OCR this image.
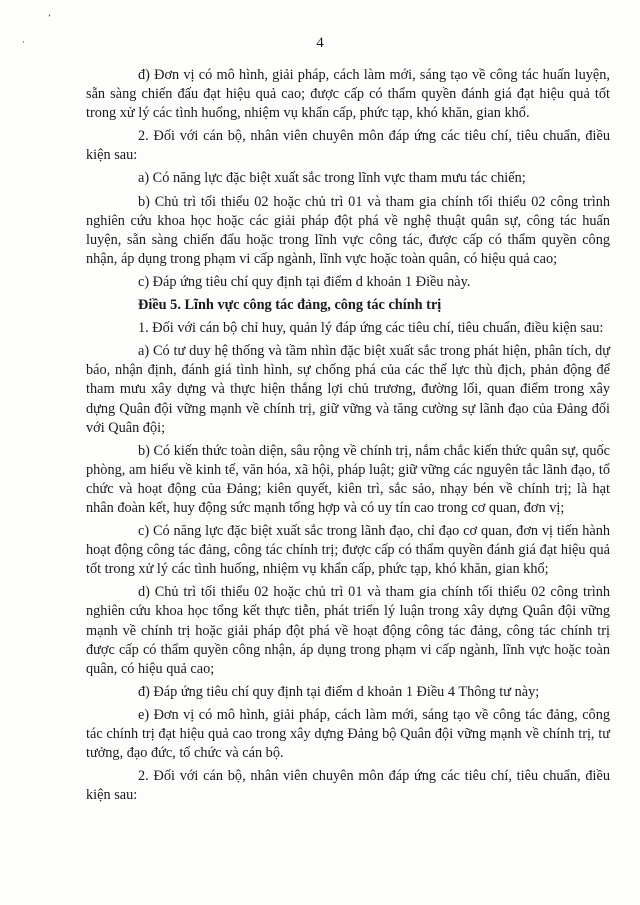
٬
·	4

đ) Đơn vị có mô hình, giải pháp, cách làm mới, sáng tạo về công tác huấn luyện, sẵn sàng chiến đấu đạt hiệu quả cao; được cấp có thẩm quyền đánh giá đạt hiệu quả tốt trong xử lý các tình huống, nhiệm vụ khẩn cấp, phức tạp, khó khăn, gian khổ.

2. Đối với cán bộ, nhân viên chuyên môn đáp ứng các tiêu chí, tiêu chuẩn, điều kiện sau:

a) Có năng lực đặc biệt xuất sắc trong lĩnh vực tham mưu tác chiến;

b) Chủ trì tối thiểu 02 hoặc chủ trì 01 và tham gia chính tối thiểu 02 công trình nghiên cứu khoa học hoặc các giải pháp đột phá về nghệ thuật quân sự, công tác huấn luyện, sẵn sàng chiến đấu hoặc trong lĩnh vực công tác, được cấp có thẩm quyền công nhận, áp dụng trong phạm vi cấp ngành, lĩnh vực hoặc toàn quân, có hiệu quả cao;

c) Đáp ứng tiêu chí quy định tại điểm d khoản 1 Điều này.

Điều 5. Lĩnh vực công tác đảng, công tác chính trị

1. Đối với cán bộ chỉ huy, quản lý đáp ứng các tiêu chí, tiêu chuẩn, điều kiện sau:

a) Có tư duy hệ thống và tầm nhìn đặc biệt xuất sắc trong phát hiện, phân tích, dự báo, nhận định, đánh giá tình hình, sự chống phá của các thế lực thù địch, phản động để tham mưu xây dựng và thực hiện thắng lợi chủ trương, đường lối, quan điểm trong xây dựng Quân đội vững mạnh về chính trị, giữ vững và tăng cường sự lãnh đạo của Đảng đối với Quân đội;

b) Có kiến thức toàn diện, sâu rộng về chính trị, nắm chắc kiến thức quân sự, quốc phòng, am hiểu về kinh tế, văn hóa, xã hội, pháp luật; giữ vững các nguyên tắc lãnh đạo, tổ chức và hoạt động của Đảng; kiên quyết, kiên trì, sắc sảo, nhạy bén về chính trị; là hạt nhân đoàn kết, huy động sức mạnh tổng hợp và có uy tín cao trong cơ quan, đơn vị;

c) Có năng lực đặc biệt xuất sắc trong lãnh đạo, chỉ đạo cơ quan, đơn vị tiến hành hoạt động công tác đảng, công tác chính trị; được cấp có thẩm quyền đánh giá đạt hiệu quả tốt trong xử lý các tình huống, nhiệm vụ khẩn cấp, phức tạp, khó khăn, gian khổ;

d) Chủ trì tối thiểu 02 hoặc chủ trì 01 và tham gia chính tối thiểu 02 công trình nghiên cứu khoa học tổng kết thực tiễn, phát triển lý luận trong xây dựng Quân đội vững mạnh về chính trị hoặc giải pháp đột phá về hoạt động công tác đảng, công tác chính trị được cấp có thẩm quyền công nhận, áp dụng trong phạm vi cấp ngành, lĩnh vực hoặc toàn quân, có hiệu quả cao;

đ) Đáp ứng tiêu chí quy định tại điểm d khoản 1 Điều 4 Thông tư này;

e) Đơn vị có mô hình, giải pháp, cách làm mới, sáng tạo về công tác đảng, công tác chính trị đạt hiệu quả cao trong xây dựng Đảng bộ Quân đội vững mạnh về chính trị, tư tưởng, đạo đức, tổ chức và cán bộ.

2. Đối với cán bộ, nhân viên chuyên môn đáp ứng các tiêu chí, tiêu chuẩn, điều kiện sau:
